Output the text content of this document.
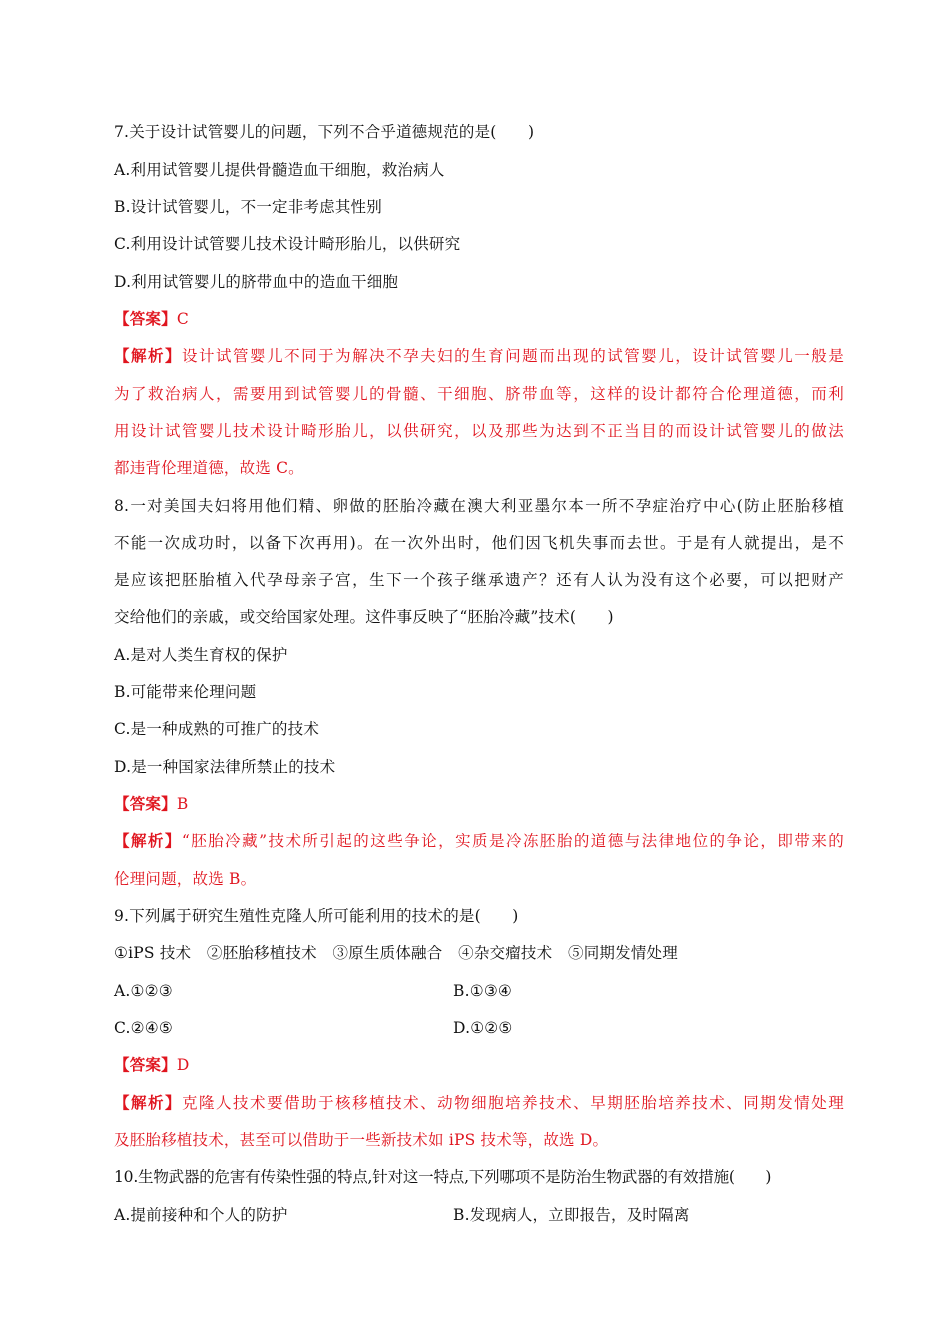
7.关于设计试管婴儿的问题，下列不合乎道德规范的是(　　)
A.利用试管婴儿提供骨髓造血干细胞，救治病人
B.设计试管婴儿，不一定非考虑其性别
C.利用设计试管婴儿技术设计畸形胎儿，以供研究
D.利用试管婴儿的脐带血中的造血干细胞
【答案】C
【解析】设计试管婴儿不同于为解决不孕夫妇的生育问题而出现的试管婴儿，设计试管婴儿一般是
为了救治病人，需要用到试管婴儿的骨髓、干细胞、脐带血等，这样的设计都符合伦理道德，而利
用设计试管婴儿技术设计畸形胎儿，以供研究，以及那些为达到不正当目的而设计试管婴儿的做法
都违背伦理道德，故选 C。
8.一对美国夫妇将用他们精、卵做的胚胎冷藏在澳大利亚墨尔本一所不孕症治疗中心(防止胚胎移植
不能一次成功时，以备下次再用)。在一次外出时，他们因飞机失事而去世。于是有人就提出，是不
是应该把胚胎植入代孕母亲子宫，生下一个孩子继承遗产？还有人认为没有这个必要，可以把财产
交给他们的亲戚，或交给国家处理。这件事反映了“胚胎冷藏”技术(　　)
A.是对人类生育权的保护
B.可能带来伦理问题
C.是一种成熟的可推广的技术
D.是一种国家法律所禁止的技术
【答案】B
【解析】“胚胎冷藏”技术所引起的这些争论，实质是冷冻胚胎的道德与法律地位的争论，即带来的
伦理问题，故选 B。
9.下列属于研究生殖性克隆人所可能利用的技术的是(　　)
①iPS 技术　②胚胎移植技术　③原生质体融合　④杂交瘤技术　⑤同期发情处理
A.①②③	B.①③④
C.②④⑤	D.①②⑤
【答案】D
【解析】克隆人技术要借助于核移植技术、动物细胞培养技术、早期胚胎培养技术、同期发情处理
及胚胎移植技术，甚至可以借助于一些新技术如 iPS 技术等，故选 D。
10.生物武器的危害有传染性强的特点,针对这一特点,下列哪项不是防治生物武器的有效措施(　　)
A.提前接种和个人的防护	B.发现病人，立即报告，及时隔离
